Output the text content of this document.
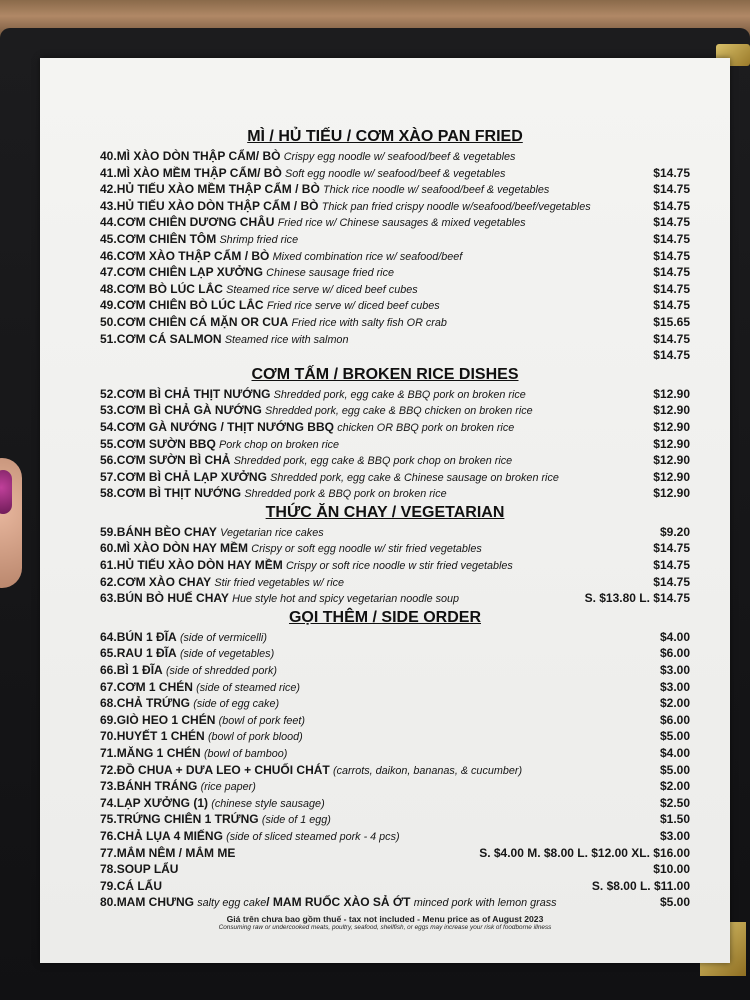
MÌ / HỦ TIẾU / CƠM XÀO PAN FRIED
40.MÌ XÀO DÒN THẬP CẨM/ BÒ Crispy egg noodle w/ seafood/beef & vegetables
41.MÌ XÀO MỀM THẬP CẨM/ BÒ Soft egg noodle w/ seafood/beef & vegetables	$14.75
42.HỦ TIẾU XÀO MỀM THẬP CẨM / BÒ Thick rice noodle w/ seafood/beef & vegetables	$14.75
43.HỦ TIẾU XÀO DÒN THẬP CẨM / BÒ Thick pan fried crispy noodle w/seafood/beef/vegetables	$14.75
44.CƠM CHIÊN DƯƠNG CHÂU Fried rice w/ Chinese sausages & mixed vegetables	$14.75
45.CƠM CHIÊN TÔM Shrimp fried rice	$14.75
46.CƠM XÀO THẬP CẨM / BÒ Mixed combination rice w/ seafood/beef	$14.75
47.CƠM CHIÊN LẠP XƯỞNG Chinese sausage fried rice	$14.75
48.CƠM BÒ LÚC LẮC Steamed rice serve w/ diced beef cubes	$14.75
49.CƠM CHIÊN BÒ LÚC LẮC Fried rice serve w/ diced beef cubes	$14.75
50.CƠM CHIÊN CÁ MẶN OR CUA Fried rice with salty fish OR crab	$15.65
51.CƠM CÁ SALMON Steamed rice with salmon	$14.75
$14.75
CƠM TẤM / BROKEN RICE DISHES
52.CƠM BÌ CHẢ THỊT NƯỚNG Shredded pork, egg cake & BBQ pork on broken rice	$12.90
53.CƠM BÌ CHẢ GÀ NƯỚNG Shredded pork, egg cake & BBQ chicken on broken rice	$12.90
54.CƠM GÀ NƯỚNG / THỊT NƯỚNG BBQ chicken OR BBQ pork on broken rice	$12.90
55.CƠM SƯỜN BBQ Pork chop on broken rice	$12.90
56.CƠM SƯỜN BÌ CHẢ Shredded pork, egg cake & BBQ pork chop on broken rice	$12.90
57.CƠM BÌ CHẢ LẠP XƯỞNG Shredded pork, egg cake & Chinese sausage on broken rice	$12.90
58.CƠM BÌ THỊT NƯỚNG Shredded pork & BBQ pork on broken rice	$12.90
THỨC ĂN CHAY / VEGETARIAN
59.BÁNH BÈO CHAY Vegetarian rice cakes	$9.20
60.MÌ XÀO DÒN HAY MỀM Crispy or soft egg noodle w/ stir fried vegetables	$14.75
61.HỦ TIẾU XÀO DÒN HAY MỀM Crispy or soft rice noodle w stir fried vegetables	$14.75
62.CƠM XÀO CHAY Stir fried vegetables w/ rice	$14.75
63.BÚN BÒ HUẾ CHAY Hue style hot and spicy vegetarian noodle soup	S. $13.80 L. $14.75
GỌI THÊM / SIDE ORDER
64.BÚN 1 ĐĨA (side of vermicelli)	$4.00
65.RAU 1 ĐĨA (side of vegetables)	$6.00
66.BÌ 1 ĐĨA (side of shredded pork)	$3.00
67.CƠM 1 CHÉN (side of steamed rice)	$3.00
68.CHẢ TRỨNG (side of egg cake)	$2.00
69.GIÒ HEO 1 CHÉN (bowl of pork feet)	$6.00
70.HUYẾT 1 CHÉN (bowl of pork blood)	$5.00
71.MĂNG 1 CHÉN (bowl of bamboo)	$4.00
72.ĐỒ CHUA + DƯA LEO + CHUỐI CHÁT (carrots, daikon, bananas, & cucumber)	$5.00
73.BÁNH TRÁNG (rice paper)	$2.00
74.LẠP XƯỞNG (1) (chinese style sausage)	$2.50
75.TRỨNG CHIÊN 1 TRỨNG (side of 1 egg)	$1.50
76.CHẢ LỤA 4 MIẾNG (side of sliced steamed pork - 4 pcs)	$3.00
77.MẮM NÊM / MẮM ME	S. $4.00 M. $8.00 L. $12.00 XL. $16.00
78.SOUP LẨU	$10.00
79.CÁ LẨU	S. $8.00 L. $11.00
80.MAM CHƯNG salty egg cake/ MAM RUỐC XÀO SẢ ỚT minced pork with lemon grass	$5.00
Giá trên chưa bao gồm thuế - tax not included - Menu price as of August 2023
Consuming raw or undercooked meats, poultry, seafood, shellfish, or eggs may increase your risk of foodborne illness
